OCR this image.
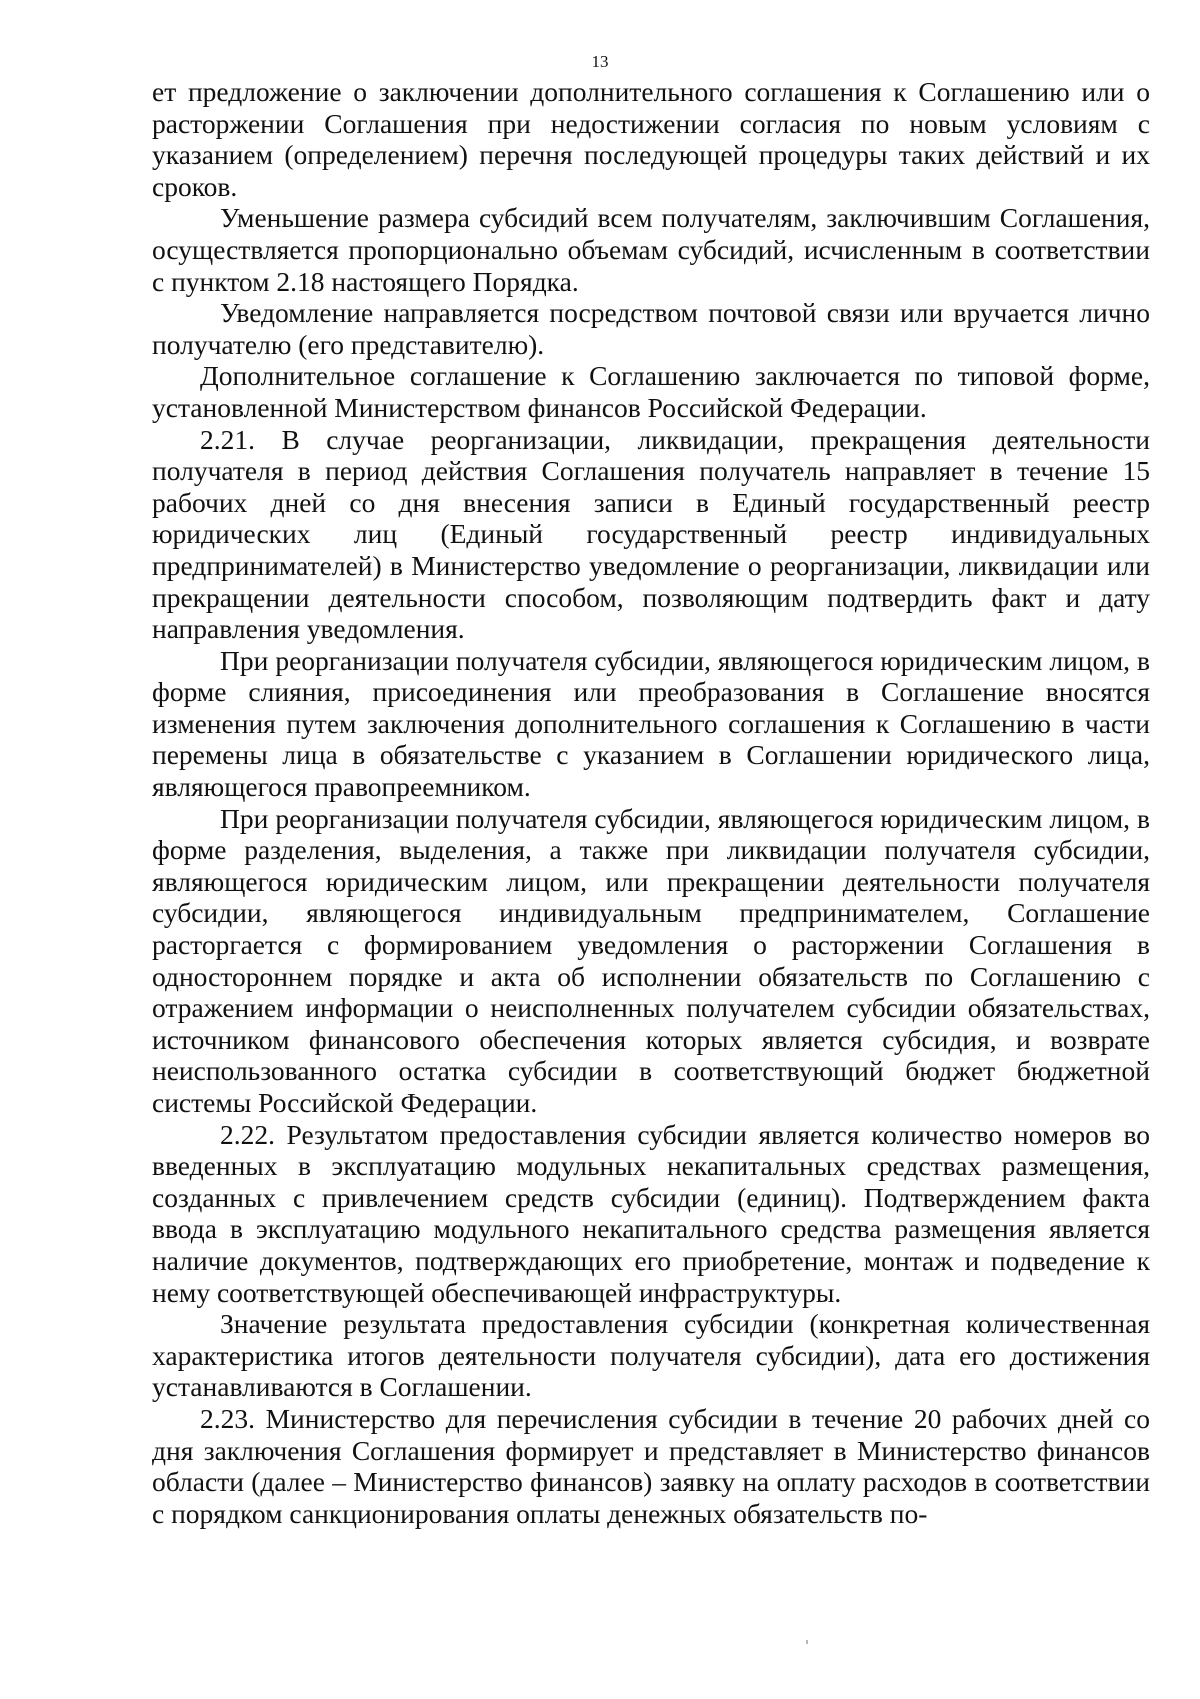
13

ет предложение о заключении дополнительного соглашения к Соглашению или о расторжении Соглашения при недостижении согласия по новым условиям с указанием (определением) перечня последующей процедуры таких действий и их сроков.

Уменьшение размера субсидий всем получателям, заключившим Соглашения, осуществляется пропорционально объемам субсидий, исчисленным в соответствии с пунктом 2.18 настоящего Порядка.

Уведомление направляется посредством почтовой связи или вручается лично получателю (его представителю).

Дополнительное соглашение к Соглашению заключается по типовой форме, установленной Министерством финансов Российской Федерации.

2.21. В случае реорганизации, ликвидации, прекращения деятельности получателя в период действия Соглашения получатель направляет в течение 15 рабочих дней со дня внесения записи в Единый государственный реестр юридических лиц (Единый государственный реестр индивидуальных предпринимателей) в Министерство уведомление о реорганизации, ликвидации или прекращении деятельности способом, позволяющим подтвердить факт и дату направления уведомления.

При реорганизации получателя субсидии, являющегося юридическим лицом, в форме слияния, присоединения или преобразования в Соглашение вносятся изменения путем заключения дополнительного соглашения к Соглашению в части перемены лица в обязательстве с указанием в Соглашении юридического лица, являющегося правопреемником.

При реорганизации получателя субсидии, являющегося юридическим лицом, в форме разделения, выделения, а также при ликвидации получателя субсидии, являющегося юридическим лицом, или прекращении деятельности получателя субсидии, являющегося индивидуальным предпринимателем, Соглашение расторгается с формированием уведомления о расторжении Соглашения в одностороннем порядке и акта об исполнении обязательств по Соглашению с отражением информации о неисполненных получателем субсидии обязательствах, источником финансового обеспечения которых является субсидия, и возврате неиспользованного остатка субсидии в соответствующий бюджет бюджетной системы Российской Федерации.

2.22. Результатом предоставления субсидии является количество номеров во введенных в эксплуатацию модульных некапитальных средствах размещения, созданных с привлечением средств субсидии (единиц). Подтверждением факта ввода в эксплуатацию модульного некапитального средства размещения является наличие документов, подтверждающих его приобретение, монтаж и подведение к нему соответствующей обеспечивающей инфраструктуры.

Значение результата предоставления субсидии (конкретная количественная характеристика итогов деятельности получателя субсидии), дата его достижения устанавливаются в Соглашении.

2.23. Министерство для перечисления субсидии в течение 20 рабочих дней со дня заключения Соглашения формирует и представляет в Министерство финансов области (далее – Министерство финансов) заявку на оплату расходов в соответствии с порядком санкционирования оплаты денежных обязательств по-
